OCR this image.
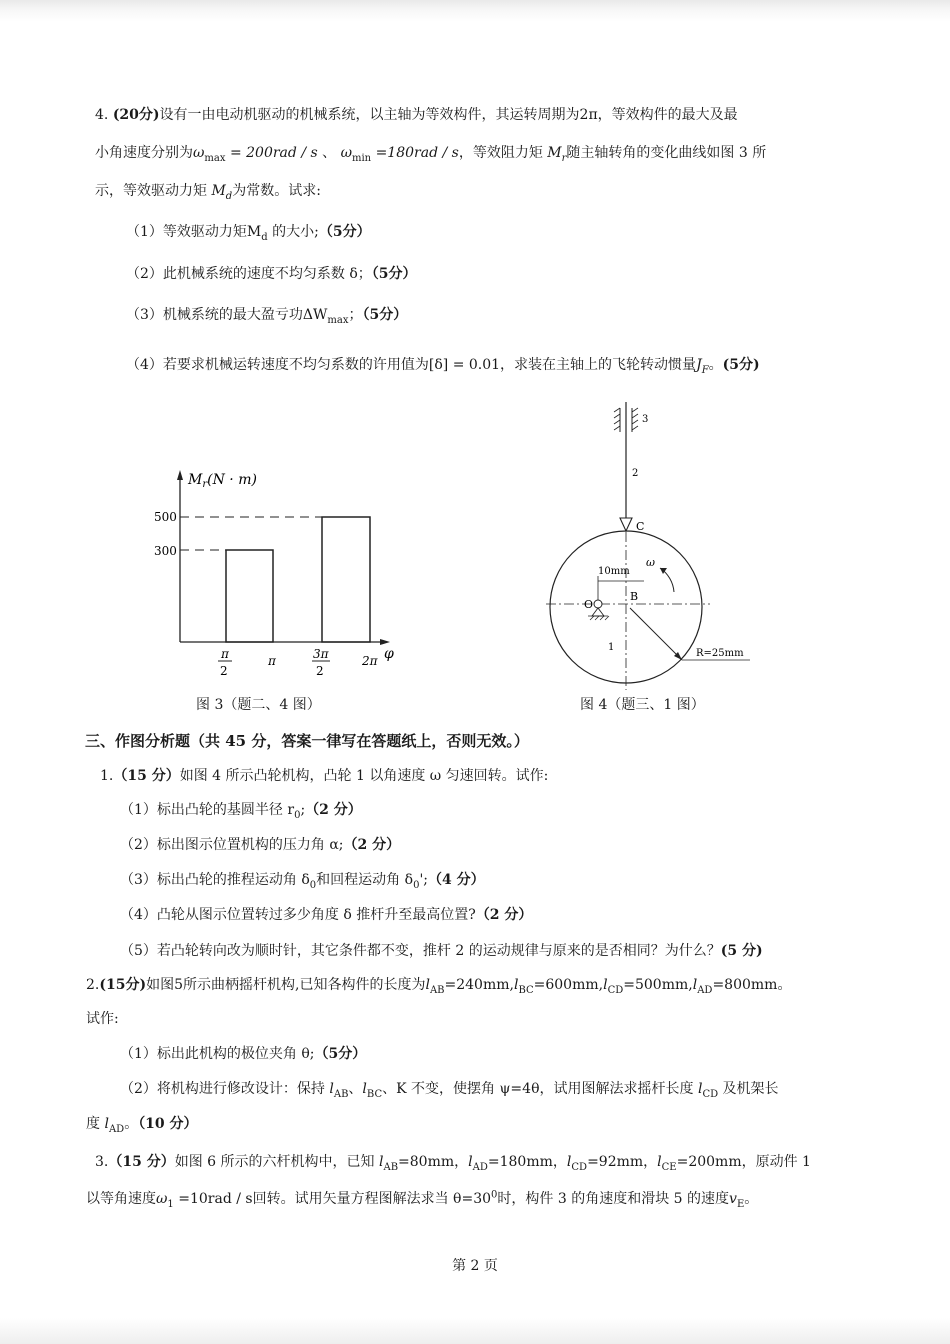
4. (20分)设有一由电动机驱动的机械系统，以主轴为等效构件，其运转周期为2π，等效构件的最大及最
小角速度分别为$\omega_{max} = 200rad / s$ 、 $\omega_{min} =180rad / s$，等效阻力矩 $M_r$随主轴转角的变化曲线如图 3 所
示，等效驱动力矩 $M_d$为常数。试求:
（1）等效驱动力矩$M_d$ 的大小;（5分）
（2）此机械系统的速度不均匀系数 δ；（5分）
（3）机械系统的最大盈亏功$\Delta W_{max}$；（5分）
（4）若要求机械运转速度不均匀系数的许用值为[δ] = 0.01，求装在主轴上的飞轮转动惯量$J_F$。(5分)
$M_r(N \cdot m)$
500
300
π
2
π	3π
2
2π φ
图 3（题二、4 图）
3
2
C
10mm
O
B
ω
R=25mm
1
图 4（题三、1 图）
三、作图分析题（共 45 分，答案一律写在答题纸上，否则无效。）
1.（15 分）如图 4 所示凸轮机构，凸轮 1 以角速度 ω 匀速回转。试作:
（1）标出凸轮的基圆半径 $r_0;(2$ 分）
（2）标出图示位置机构的压力角 α;（2 分）
（3）标出凸轮的推程运动角 $\delta_0$和回程运动角 $\delta_0';(4$ 分）
（4）凸轮从图示位置转过多少角度 δ 推杆升至最高位置?（2 分）
（5）若凸轮转向改为顺时针，其它条件都不变，推杆 2 的运动规律与原来的是否相同？为什么？(5 分)
2.(15分)如图5所示曲柄摇杆机构,已知各构件的长度为$l_{AB}=240mm,l_{BC}=600mm,l_{CD}=500mm,l_{AD}=800mm$。
试作:
（1）标出此机构的极位夹角 θ;（5分）
（2）将机构进行修改设计：保持 $l_{AB}$、$l_{BC}$、K 不变，使摆角 ψ=4θ，试用图解法求摇杆长度 $l_{CD}$ 及机架长
度 $l_{AD}$。（10 分）
3.（15 分）如图 6 所示的六杆机构中，已知 $l_{AB}=80mm$，$l_{AD}=180mm$，$l_{CD}=92mm$，$l_{CE}=200mm$，原动件 1
以等角速度$\omega_1 =10rad / s$回转。试用矢量方程图解法求当 $\theta=30^0$时，构件 3 的角速度和滑块 5 的速度$v_E$。
第 2 页
